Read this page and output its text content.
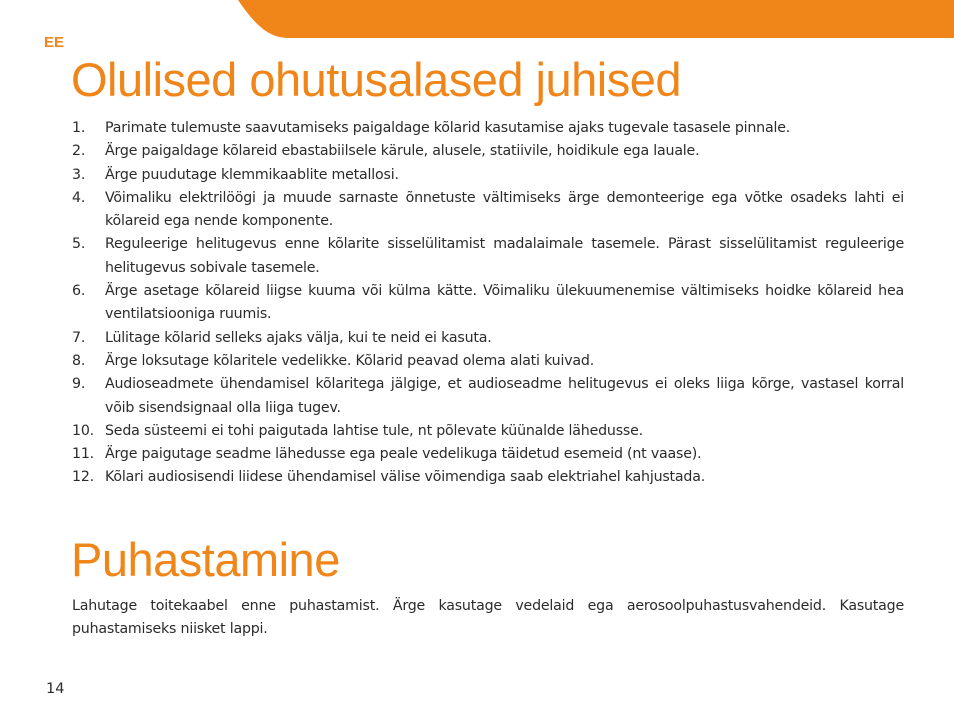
EE
Olulised ohutusalased juhised
1. Parimate tulemuste saavutamiseks paigaldage kõlarid kasutamise ajaks tugevale tasasele pinnale.
2. Ärge paigaldage kõlareid ebastabiilsele kärule, alusele, statiivile, hoidikule ega lauale.
3. Ärge puudutage klemmikaablite metallosi.
4. Võimaliku elektrilöögi ja muude sarnaste õnnetuste vältimiseks ärge demonteerige ega võtke osadeks lahti ei kõlareid ega nende komponente.
5. Reguleerige helitugevus enne kõlarite sisselülitamist madalaimale tasemele. Pärast sisselülitamist reguleerige helitugevus sobivale tasemele.
6. Ärge asetage kõlareid liigse kuuma või külma kätte. Võimaliku ülekuumenemise vältimiseks hoidke kõlareid hea ventilatsiooniga ruumis.
7. Lülitage kõlarid selleks ajaks välja, kui te neid ei kasuta.
8. Ärge loksutage kõlaritele vedelikke. Kõlarid peavad olema alati kuivad.
9. Audioseadmete ühendamisel kõlaritega jälgige, et audioseadme helitugevus ei oleks liiga kõrge, vastasel korral võib sisendsignaal olla liiga tugev.
10. Seda süsteemi ei tohi paigutada lahtise tule, nt põlevate küünalde lähedusse.
11. Ärge paigutage seadme lähedusse ega peale vedelikuga täidetud esemeid (nt vaase).
12. Kõlari audiosisendi liidese ühendamisel välise võimendiga saab elektriahel kahjustada.
Puhastamine

Lahutage toitekaabel enne puhastamist. Ärge kasutage vedelaid ega aerosoolpuhastusvahendeid. Kasutage puhastamiseks niisket lappi.

14
